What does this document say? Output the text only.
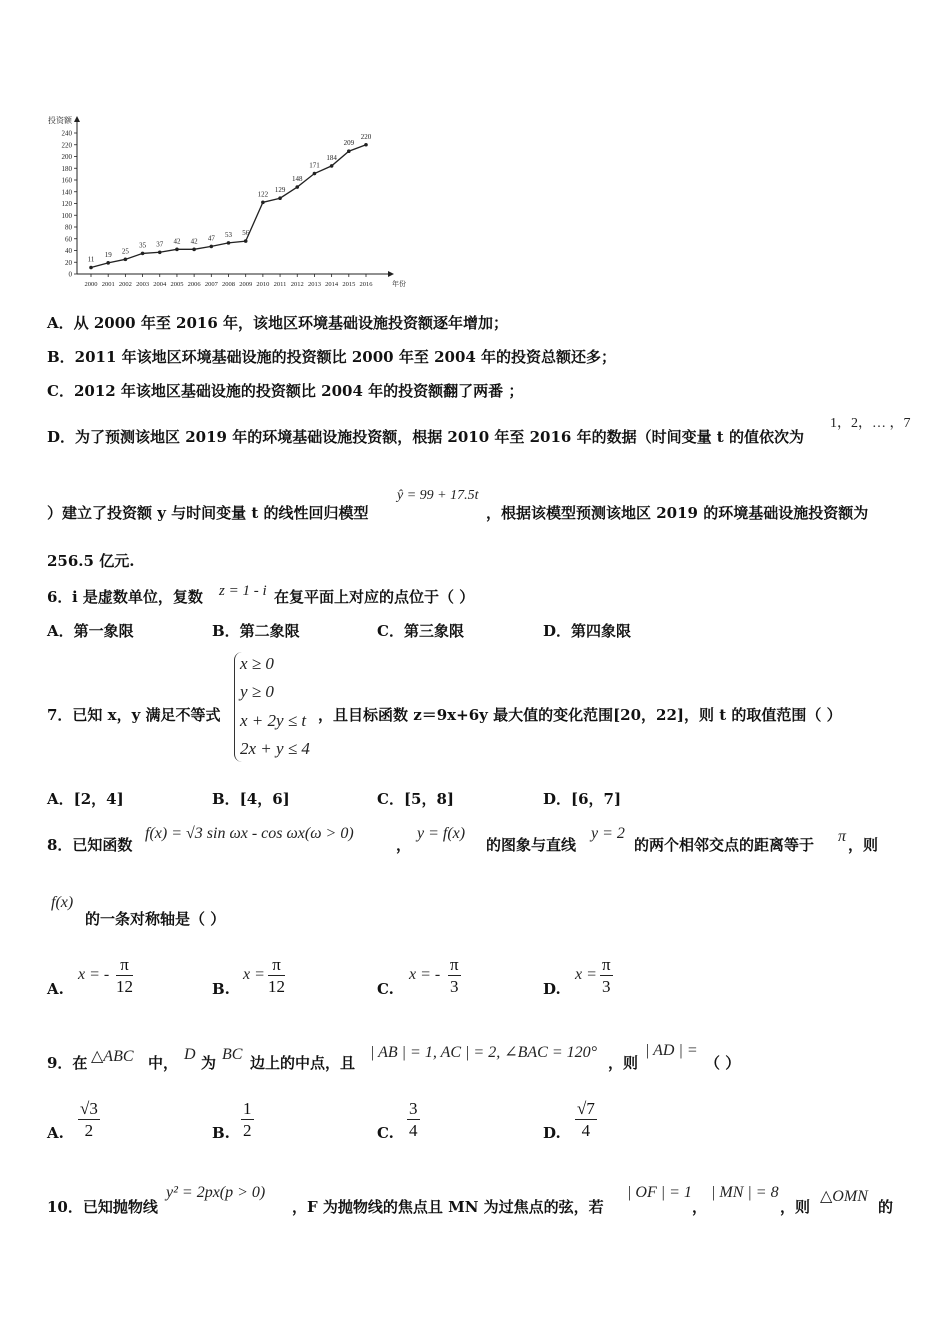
投资额
年份
0
20
40
60
80
100
120
140
160
180
200
220
240
2000 2001 2002 2003 2004 2005 2006 2007 2008 2009 2010 2011 2012 2013 2014 2015 2016
11
19 25
35 37 42 42 47 53 56
122
129
148
171
184
209
220
A．从 2000 年至 2016 年，该地区环境基础设施投资额逐年增加；
B．2011 年该地区环境基础设施的投资额比 2000 年至 2004 年的投资总额还多；
C．2012 年该地区基础设施的投资额比 2004 年的投资额翻了两番 ；
D．为了预测该地区 2019 年的环境基础设施投资额，根据 2010 年至 2016 年的数据（时间变量 t 的值依次为
1，2，… ，7
）建立了投资额 y 与时间变量 t 的线性回归模型
ŷ = 99 + 17.5t
，根据该模型预测该地区 2019 的环境基础设施投资额为
256.5 亿元.
6． i 是虚数单位，复数 z = 1 - i 在复平面上对应的点位于（ ）
A．第一象限	B．第二象限	C．第三象限	D．第四象限
7．已知 x，y 满足不等式
x ≥ 0
y ≥ 0
x + 2y ≤ t
2x + y ≤ 4
，且目标函数 z＝9x+6y 最大值的变化范围[20，22]，则 t 的取值范围（ ）
A．[2，4]	B．[4，6]	C．[5，8]	D．[6，7]
8．已知函数
f(x) = √3 sin ωx - cos ωx(ω > 0)
，
y = f(x)
的图象与直线
y = 2
的两个相邻交点的距离等于 π ，则
f(x)
的一条对称轴是（ ）
A.
x = - $\frac{\pi}{12}$	B.
$x = \frac{\pi}{12}$	C.
x = - $\frac{\pi}{3}$	D.
$x = \frac{\pi}{3}$
9．在 △ABC 中， D 为 BC 边上的中点，且
| AB | = 1, AC | = 2, ∠BAC = 120°
，则
| AD | =
（ ）
A. $\frac{√3}{2}$	B. $\frac{1}{2}$	C. $\frac{3}{4}$	D. $\frac{√7}{4}$
10．已知抛物线
y² = 2px(p > 0)
，F 为抛物线的焦点且 MN 为过焦点的弦，若
| OF | = 1
，
| MN | = 8
，则
△OMN
的
